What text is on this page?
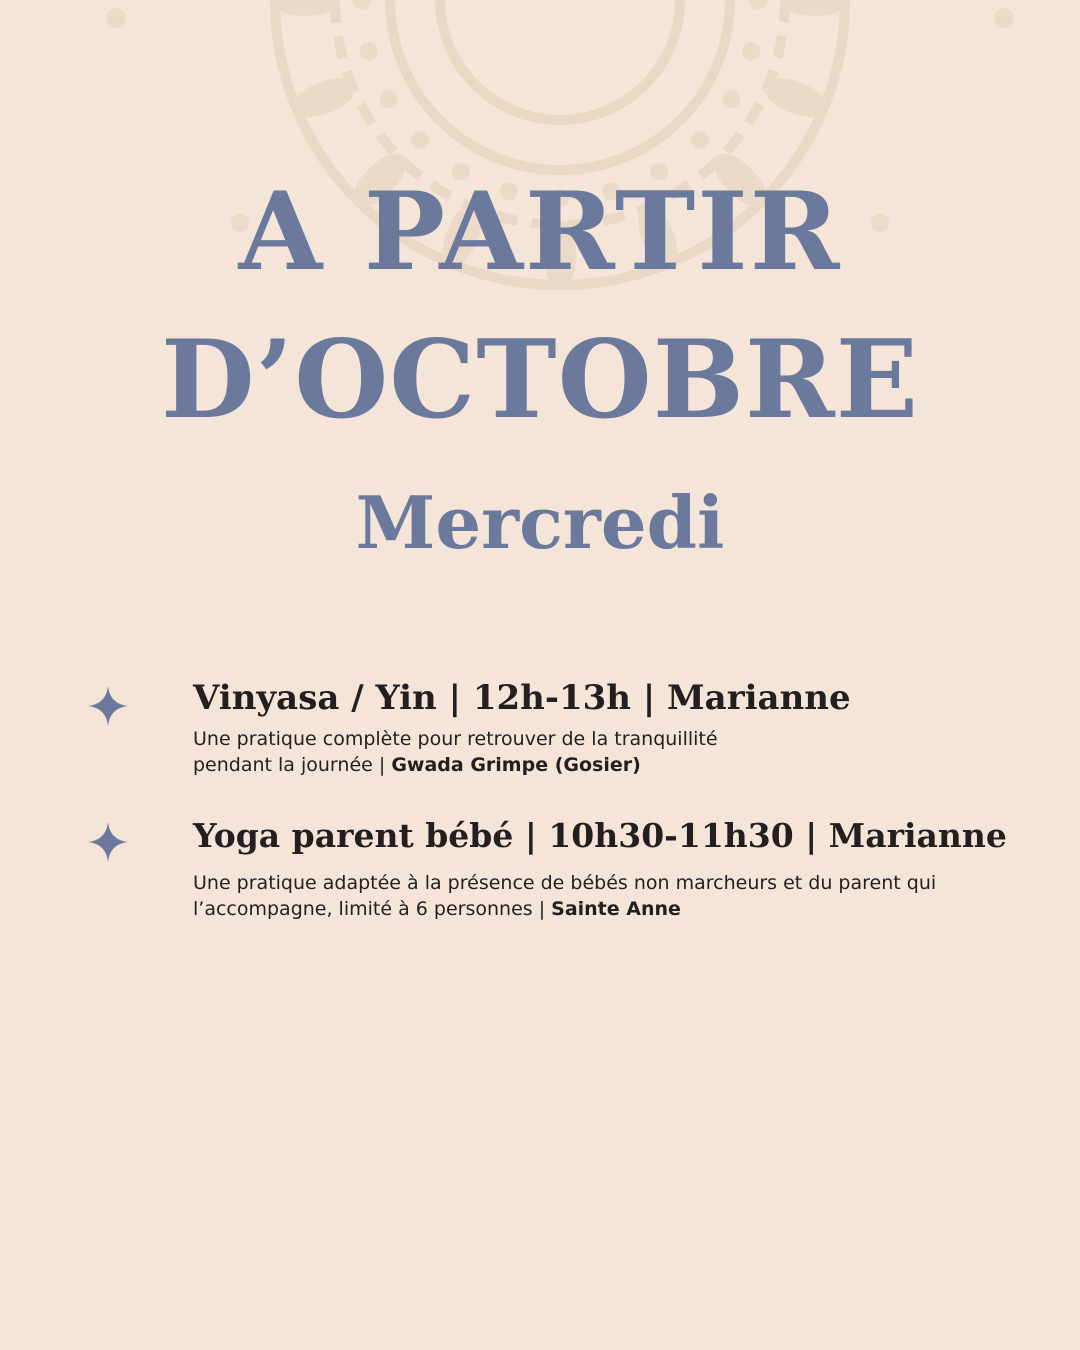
A PARTIR
D’OCTOBRE
Mercredi
Vinyasa / Yin | 12h-13h | Marianne
Une pratique complète pour retrouver de la tranquillité
pendant la journée | Gwada Grimpe (Gosier)
Yoga parent bébé | 10h30-11h30 | Marianne
Une pratique adaptée à la présence de bébés non marcheurs et du parent qui
l’accompagne, limité à 6 personnes | Sainte Anne
